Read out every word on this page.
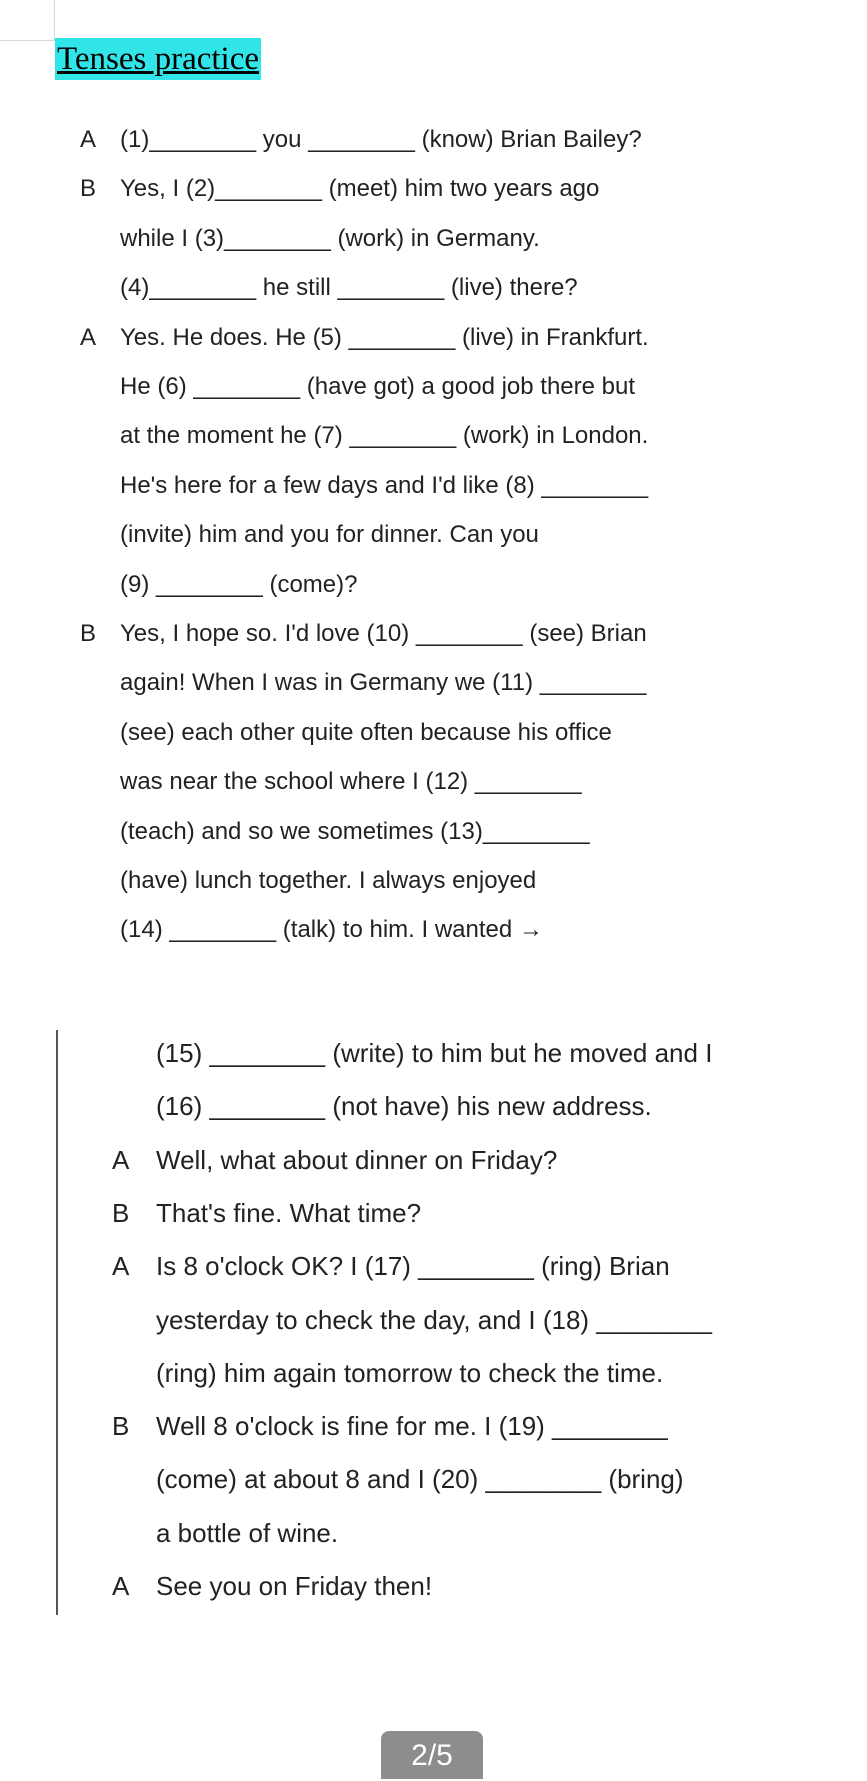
Tenses practice
A (1)________ you ________ (know) Brian Bailey?
B Yes, I (2)________ (meet) him two years ago
while I (3)________ (work) in Germany.
(4)________ he still ________ (live) there?
A Yes. He does. He (5) ________ (live) in Frankfurt.
He (6) ________ (have got) a good job there but
at the moment he (7) ________ (work) in London.
He's here for a few days and I'd like (8) ________
(invite) him and you for dinner. Can you
(9) ________ (come)?
B Yes, I hope so. I'd love (10) ________ (see) Brian
again! When I was in Germany we (11) ________
(see) each other quite often because his office
was near the school where I (12) ________
(teach) and so we sometimes (13)________
(have) lunch together. I always enjoyed
(14) ________ (talk) to him. I wanted →
(15) ________ (write) to him but he moved and I
(16) ________ (not have) his new address.
A Well, what about dinner on Friday?
B That's fine. What time?
A Is 8 o'clock OK? I (17) ________ (ring) Brian
yesterday to check the day, and I (18) ________
(ring) him again tomorrow to check the time.
B Well 8 o'clock is fine for me. I (19) ________
(come) at about 8 and I (20) ________ (bring)
a bottle of wine.
A See you on Friday then!
2/5
